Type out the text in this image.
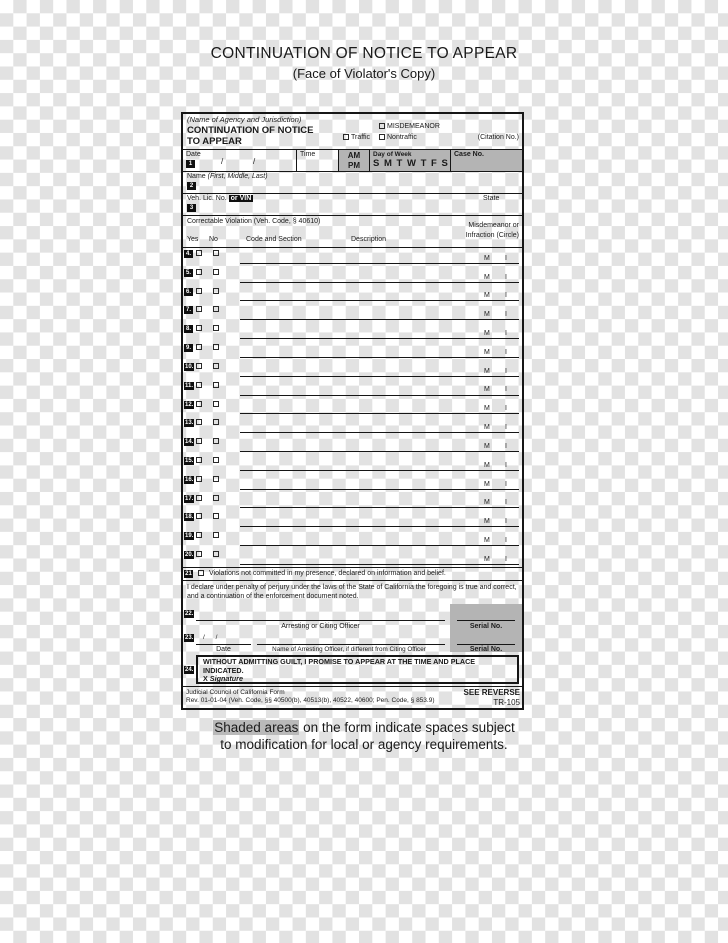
CONTINUATION OF NOTICE TO APPEAR
(Face of Violator's Copy)
(Name of Agency and Jurisdiction)
CONTINUATION OF NOTICE
TO APPEAR
MISDEMEANOR
Traffic	Nontraffic	(Citation No.)
Date
1	/	/
Time	AM
PM
Day of Week
S M T W T F S
Case No.
Name (First, Middle, Last)
2
Veh. Lic. No. or VIN	State
3
Correctable Violation (Veh. Code, § 40610)
Misdemeanor or
Infraction (Circle)
Yes No	Code and Section	Description
4.
M I
5.
M I
6.
M I
7.
M I
8.
M I
9.
M I
10.
M I
11.
M I
12.
M I
13.
M I
14.
M I
15.
M I
16.
M I
17.
M I
18.
M I
19.
M I
20.
M I
21 Violations not committed in my presence, declared on information and belief.
I declare under penalty of perjury under the laws of the State of California the foregoing is true and correct, and a continuation of the enforcement document noted.
22.
Arresting or Citing Officer	Serial No.
23. /      /
Date	Name of Arresting Officer, if different from Citing Officer	Serial No.
24.
WITHOUT ADMITTING GUILT, I PROMISE TO APPEAR AT THE TIME AND PLACE INDICATED.
X Signature
Judicial Council of California Form
Rev. 01-01-04 (Veh. Code, §§ 40500(b), 40513(b), 40522, 40600; Pen. Code, § 853.9)
SEE REVERSE
TR-105
Shaded areas on the form indicate spaces subject
to modification for local or agency requirements.
